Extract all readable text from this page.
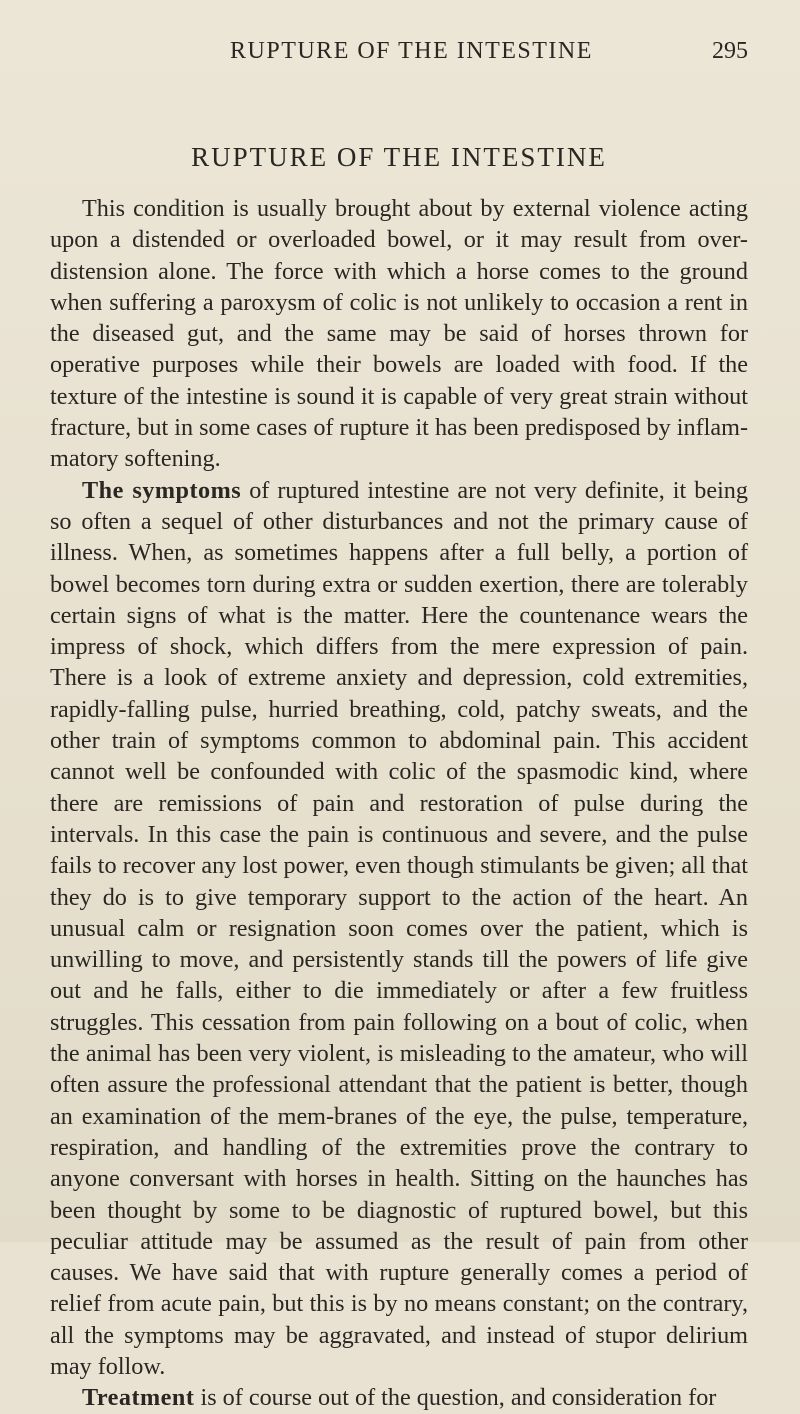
RUPTURE OF THE INTESTINE	295
RUPTURE OF THE INTESTINE

This condition is usually brought about by external violence acting upon a distended or overloaded bowel, or it may result from over-distension alone. The force with which a horse comes to the ground when suffering a paroxysm of colic is not unlikely to occasion a rent in the diseased gut, and the same may be said of horses thrown for operative purposes while their bowels are loaded with food. If the texture of the intestine is sound it is capable of very great strain without fracture, but in some cases of rupture it has been predisposed by inflam-matory softening.

The symptoms of ruptured intestine are not very definite, it being so often a sequel of other disturbances and not the primary cause of illness. When, as sometimes happens after a full belly, a portion of bowel becomes torn during extra or sudden exertion, there are tolerably certain signs of what is the matter. Here the countenance wears the impress of shock, which differs from the mere expression of pain. There is a look of extreme anxiety and depression, cold extremities, rapidly-falling pulse, hurried breathing, cold, patchy sweats, and the other train of symptoms common to abdominal pain. This accident cannot well be confounded with colic of the spasmodic kind, where there are remissions of pain and restoration of pulse during the intervals. In this case the pain is continuous and severe, and the pulse fails to recover any lost power, even though stimulants be given; all that they do is to give temporary support to the action of the heart. An unusual calm or resignation soon comes over the patient, which is unwilling to move, and persistently stands till the powers of life give out and he falls, either to die immediately or after a few fruitless struggles. This cessation from pain following on a bout of colic, when the animal has been very violent, is misleading to the amateur, who will often assure the professional attendant that the patient is better, though an examination of the mem-branes of the eye, the pulse, temperature, respiration, and handling of the extremities prove the contrary to anyone conversant with horses in health. Sitting on the haunches has been thought by some to be diagnostic of ruptured bowel, but this peculiar attitude may be assumed as the result of pain from other causes. We have said that with rupture generally comes a period of relief from acute pain, but this is by no means constant; on the contrary, all the symptoms may be aggravated, and instead of stupor delirium may follow.

Treatment is of course out of the question, and consideration for
